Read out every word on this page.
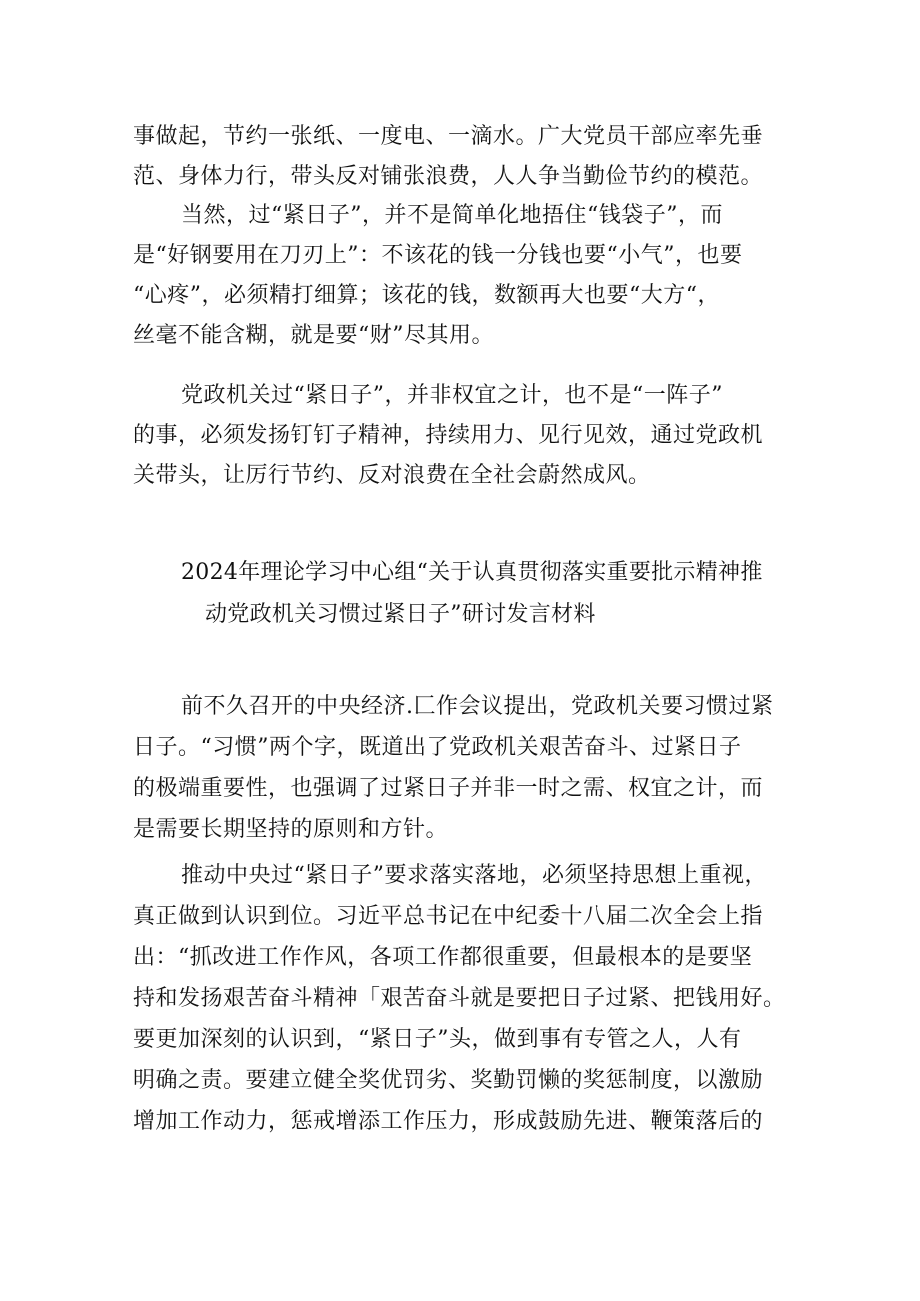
事做起，节约一张纸、一度电、一滴水。广大党员干部应率先垂
范、身体力行，带头反对铺张浪费，人人争当勤俭节约的模范。
当然，过“紧日子”，并不是简单化地捂住“钱袋子”，而
是“好钢要用在刀刃上”：不该花的钱一分钱也要“小气”，也要
“心疼”，必须精打细算；该花的钱，数额再大也要“大方“，
丝毫不能含糊，就是要“财”尽其用。
党政机关过“紧日子”，并非权宜之计，也不是“一阵子”
的事，必须发扬钉钉子精神，持续用力、见行见效，通过党政机
关带头，让厉行节约、反对浪费在全社会蔚然成风。
2024年理论学习中心组“关于认真贯彻落实重要批示精神推
动党政机关习惯过紧日子”研讨发言材料
前不久召开的中央经济.匚作会议提出，党政机关要习惯过紧
日子。“习惯”两个字，既道出了党政机关艰苦奋斗、过紧日子
的极端重要性，也强调了过紧日子并非一时之需、权宜之计，而
是需要长期坚持的原则和方针。
推动中央过“紧日子”要求落实落地，必须坚持思想上重视，
真正做到认识到位。习近平总书记在中纪委十八届二次全会上指
出：“抓改进工作作风，各项工作都很重要，但最根本的是要坚
持和发扬艰苦奋斗精神「艰苦奋斗就是要把日子过紧、把钱用好。
要更加深刻的认识到，“紧日子”头，做到事有专管之人，人有
明确之责。要建立健全奖优罚劣、奖勤罚懒的奖惩制度，以激励
增加工作动力，惩戒增添工作压力，形成鼓励先进、鞭策落后的
